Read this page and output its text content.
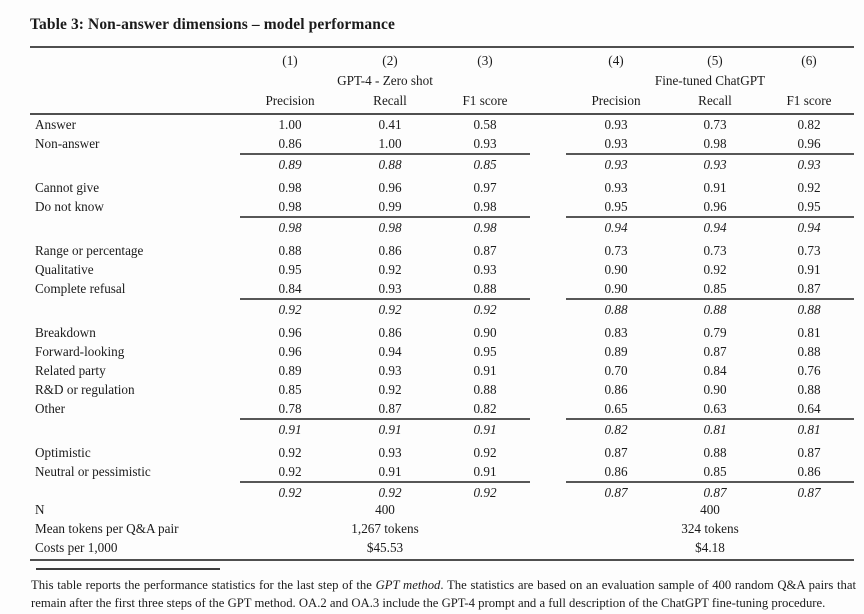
Table 3: Non-answer dimensions – model performance
(1)	(2)	(3)	(4)	(5)	(6)
GPT-4 - Zero shot	Fine-tuned ChatGPT
Precision	Recall	F1 score	Precision	Recall	F1 score
Answer	1.00	0.41	0.58	0.93	0.73	0.82
Non-answer	0.86	1.00	0.93	0.93	0.98	0.96
0.89	0.88	0.85	0.93	0.93	0.93
Cannot give	0.98	0.96	0.97	0.93	0.91	0.92
Do not know	0.98	0.99	0.98	0.95	0.96	0.95
0.98	0.98	0.98	0.94	0.94	0.94
Range or percentage	0.88	0.86	0.87	0.73	0.73	0.73
Qualitative	0.95	0.92	0.93	0.90	0.92	0.91
Complete refusal	0.84	0.93	0.88	0.90	0.85	0.87
0.92	0.92	0.92	0.88	0.88	0.88
Breakdown	0.96	0.86	0.90	0.83	0.79	0.81
Forward-looking	0.96	0.94	0.95	0.89	0.87	0.88
Related party	0.89	0.93	0.91	0.70	0.84	0.76
R&D or regulation	0.85	0.92	0.88	0.86	0.90	0.88
Other	0.78	0.87	0.82	0.65	0.63	0.64
0.91	0.91	0.91	0.82	0.81	0.81
Optimistic	0.92	0.93	0.92	0.87	0.88	0.87
Neutral or pessimistic	0.92	0.91	0.91	0.86	0.85	0.86
0.92	0.92	0.92	0.87	0.87	0.87
N	400	400
Mean tokens per Q&A pair	1,267 tokens	324 tokens
Costs per 1,000	$45.53	$4.18
This table reports the performance statistics for the last step of the GPT method. The statistics are based on an evaluation sample of 400 random Q&A pairs that remain after the first three steps of the GPT method. OA.2 and OA.3 include the GPT-4 prompt and a full description of the ChatGPT fine-tuning procedure.
